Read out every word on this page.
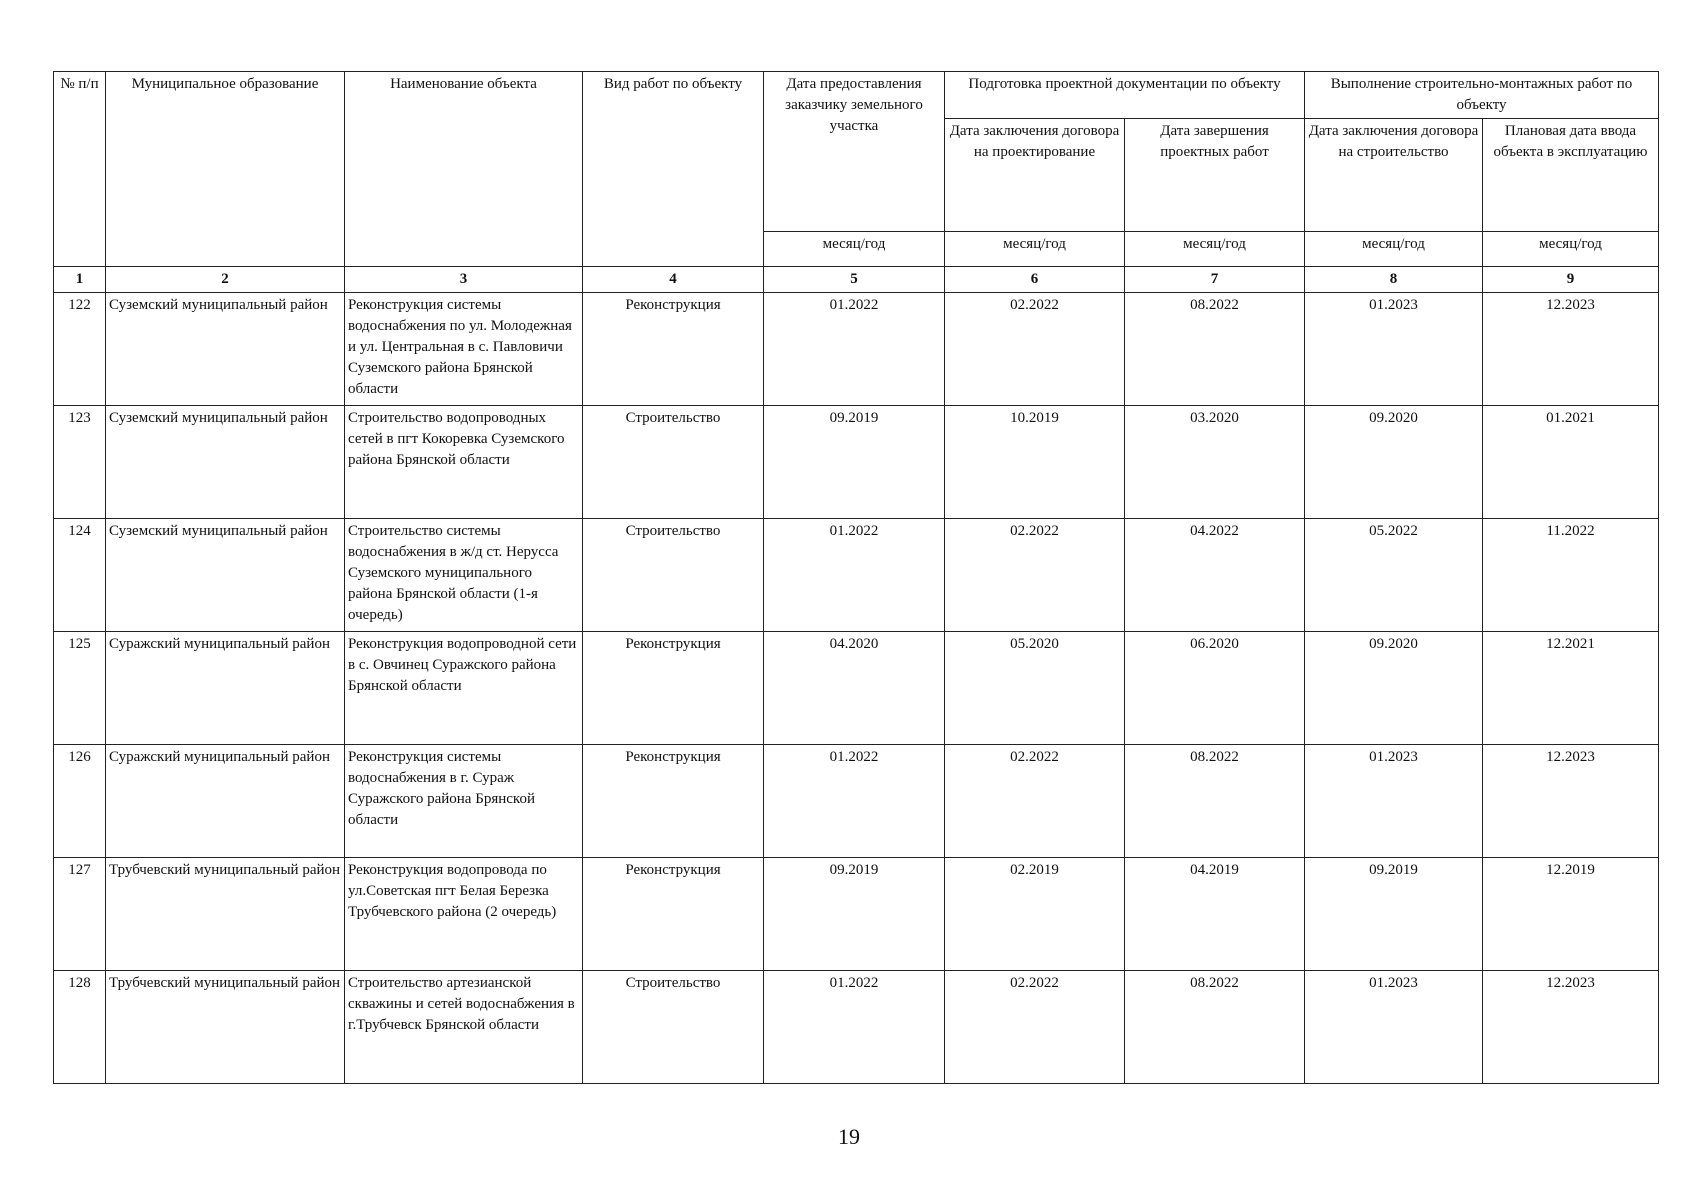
№ п/п	Муниципальное образование	Наименование объекта	Вид работ по объекту	Дата предоставления заказчику земельного участка	Подготовка проектной документации по объекту		Выполнение строительно-монтажных работ по объекту	
					Дата заключения договора на проектирование	Дата завершения проектных работ	Дата заключения договора на строительство	Плановая дата ввода объекта в эксплуатацию
				месяц/год	месяц/год	месяц/год	месяц/год	месяц/год
1	2	3	4	5	6	7	8	9
122	Суземский муниципальный район	Реконструкция системы водоснабжения по ул. Молодежная и ул. Центральная в с. Павловичи Суземского района Брянской области	Реконструкция	01.2022	02.2022	08.2022	01.2023	12.2023
123	Суземский муниципальный район	Строительство водопроводных сетей в пгт Кокоревка Суземского района Брянской области	Строительство	09.2019	10.2019	03.2020	09.2020	01.2021
124	Суземский муниципальный район	Строительство системы водоснабжения в ж/д ст. Нерусса Суземского муниципального района Брянской области (1-я очередь)	Строительство	01.2022	02.2022	04.2022	05.2022	11.2022
125	Суражский муниципальный район	Реконструкция водопроводной сети в с. Овчинец Суражского района Брянской области	Реконструкция	04.2020	05.2020	06.2020	09.2020	12.2021
126	Суражский муниципальный район	Реконструкция системы водоснабжения в г. Сураж Суражского района Брянской области	Реконструкция	01.2022	02.2022	08.2022	01.2023	12.2023
127	Трубчевский муниципальный район	Реконструкция водопровода по ул.Советская пгт Белая Березка Трубчевского района (2 очередь)	Реконструкция	09.2019	02.2019	04.2019	09.2019	12.2019
128	Трубчевский муниципальный район	Строительство артезианской скважины и сетей водоснабжения в г.Трубчевск Брянской области	Строительство	01.2022	02.2022	08.2022	01.2023	12.2023
19
